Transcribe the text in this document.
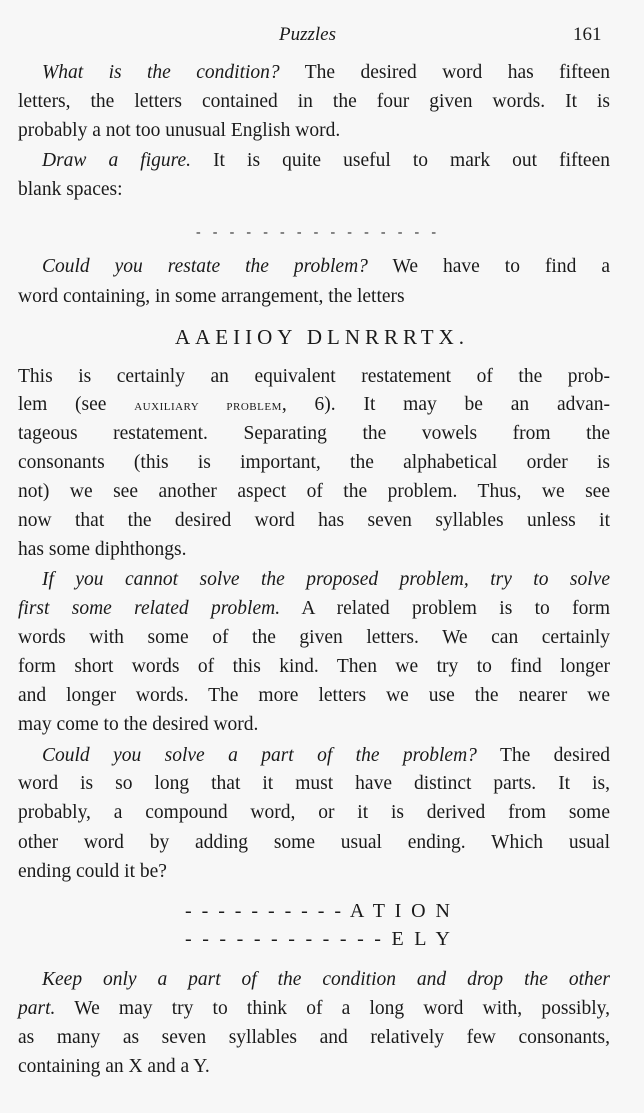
Puzzles	161
What is the condition? The desired word has fifteen
letters, the letters contained in the four given words. It is
probably a not too unusual English word.
Draw a figure. It is quite useful to mark out fifteen
blank spaces:
- - - - - - - - - - - - - - -
Could you restate the problem? We have to find a
word containing, in some arrangement, the letters
AAEIIOY DLNRRRTX.
This is certainly an equivalent restatement of the prob-
lem (see auxiliary problem, 6). It may be an advan-
tageous restatement. Separating the vowels from the
consonants (this is important, the alphabetical order is
not) we see another aspect of the problem. Thus, we see
now that the desired word has seven syllables unless it
has some diphthongs.
If you cannot solve the proposed problem, try to solve
first some related problem. A related problem is to form
words with some of the given letters. We can certainly
form short words of this kind. Then we try to find longer
and longer words. The more letters we use the nearer we
may come to the desired word.
Could you solve a part of the problem? The desired
word is so long that it must have distinct parts. It is,
probably, a compound word, or it is derived from some
other word by adding some usual ending. Which usual
ending could it be?
- - - - - - - - - - A T I O N
- - - - - - - - - - - - E L Y
Keep only a part of the condition and drop the other
part. We may try to think of a long word with, possibly,
as many as seven syllables and relatively few consonants,
containing an X and a Y.
